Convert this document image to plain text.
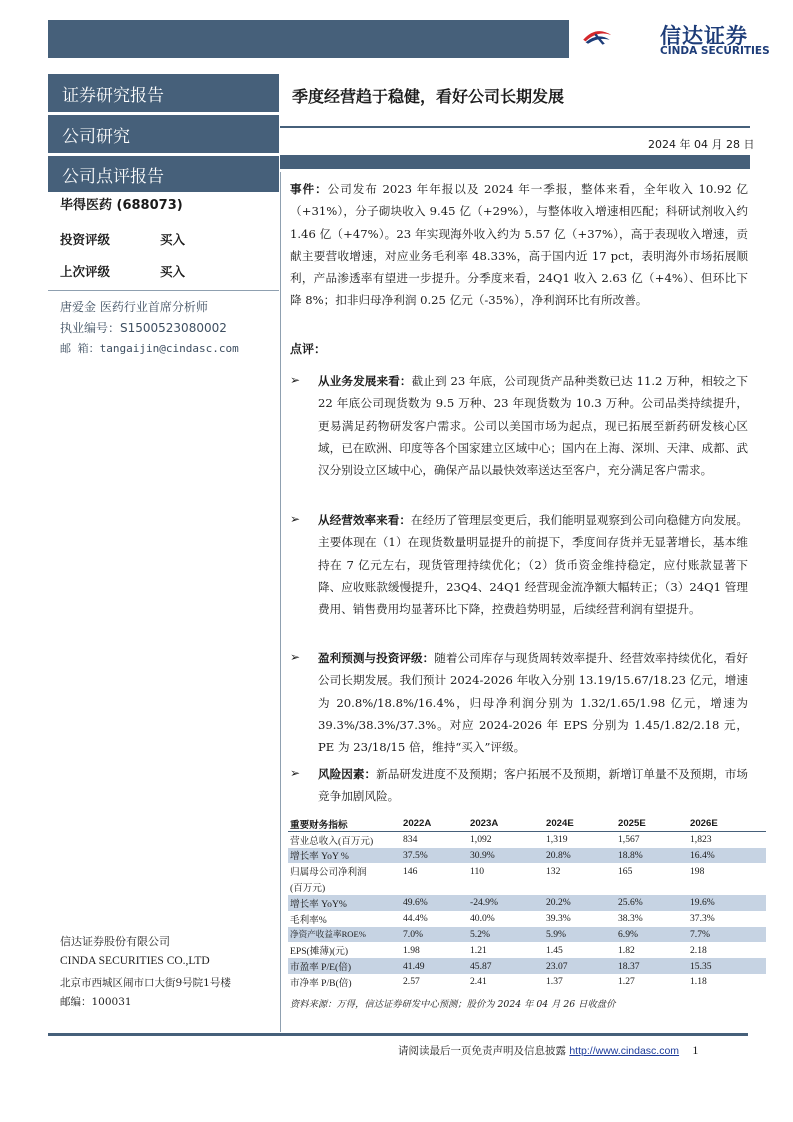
信达证券
CINDA SECURITIES
证券研究报告
公司研究
公司点评报告
毕得医药 (688073)
投资评级	买入
上次评级	买入
唐爱金 医药行业首席分析师
执业编号：S1500523080002
邮 箱：tangaijin@cindasc.com
信达证券股份有限公司
CINDA SECURITIES CO.,LTD
北京市西城区闹市口大街9号院1号楼
邮编：100031
季度经营趋于稳健，看好公司长期发展
2024 年 04 月 28 日
事件：公司发布 2023 年年报以及 2024 年一季报，整体来看，全年收入 10.92 亿（+31%），分子砌块收入 9.45 亿（+29%），与整体收入增速相匹配；科研试剂收入约 1.46 亿（+47%）。23 年实现海外收入约为 5.57 亿（+37%），高于表现收入增速，贡献主要营收增速，对应业务毛利率 48.33%，高于国内近 17 pct，表明海外市场拓展顺利，产品渗透率有望进一步提升。分季度来看，24Q1 收入 2.63 亿（+4%）、但环比下降 8%；扣非归母净利润 0.25 亿元（-35%），净利润环比有所改善。
点评：
➢ 从业务发展来看：截止到 23 年底，公司现货产品种类数已达 11.2 万种，相较之下 22 年底公司现货数为 9.5 万种、23 年现货数为 10.3 万种。公司品类持续提升，更易满足药物研发客户需求。公司以美国市场为起点，现已拓展至新药研发核心区域，已在欧洲、印度等各个国家建立区域中心；国内在上海、深圳、天津、成都、武汉分别设立区域中心，确保产品以最快效率送达至客户，充分满足客户需求。
➢ 从经营效率来看：在经历了管理层变更后，我们能明显观察到公司向稳健方向发展。主要体现在（1）在现货数量明显提升的前提下，季度间存货并无显著增长，基本维持在 7 亿元左右，现货管理持续优化；（2）货币资金维持稳定，应付账款显著下降、应收账款缓慢提升，23Q4、24Q1 经营现金流净额大幅转正；（3）24Q1 管理费用、销售费用均显著环比下降，控费趋势明显，后续经营利润有望提升。
➢ 盈利预测与投资评级：随着公司库存与现货周转效率提升、经营效率持续优化，看好公司长期发展。我们预计 2024-2026 年收入分别 13.19/15.67/18.23 亿元，增速为 20.8%/18.8%/16.4%，归母净利润分别为 1.32/1.65/1.98 亿元，增速为 39.3%/38.3%/37.3%。对应 2024-2026 年 EPS 分别为 1.45/1.82/2.18 元，PE 为 23/18/15 倍，维持“买入”评级。
➢ 风险因素：新品研发进度不及预期；客户拓展不及预期，新增订单量不及预期，市场竞争加剧风险。
重要财务指标	2022A	2023A	2024E	2025E	2026E
营业总收入(百万元)	834	1,092	1,319	1,567	1,823
增长率 YoY %	37.5%	30.9%	20.8%	18.8%	16.4%
归属母公司净利润	146	110	132	165	198
(百万元)					
增长率 YoY%	49.6%	-24.9%	20.2%	25.6%	19.6%
毛利率%	44.4%	40.0%	39.3%	38.3%	37.3%
净资产收益率ROE%	7.0%	5.2%	5.9%	6.9%	7.7%
EPS(摊薄)(元)	1.98	1.21	1.45	1.82	2.18
市盈率 P/E(倍)	41.49	45.87	23.07	18.37	15.35
市净率 P/B(倍)	2.57	2.41	1.37	1.27	1.18
资料来源：万得，信达证券研发中心预测；股价为 2024 年 04 月 26 日收盘价
请阅读最后一页免责声明及信息披露 http://www.cindasc.com 1
